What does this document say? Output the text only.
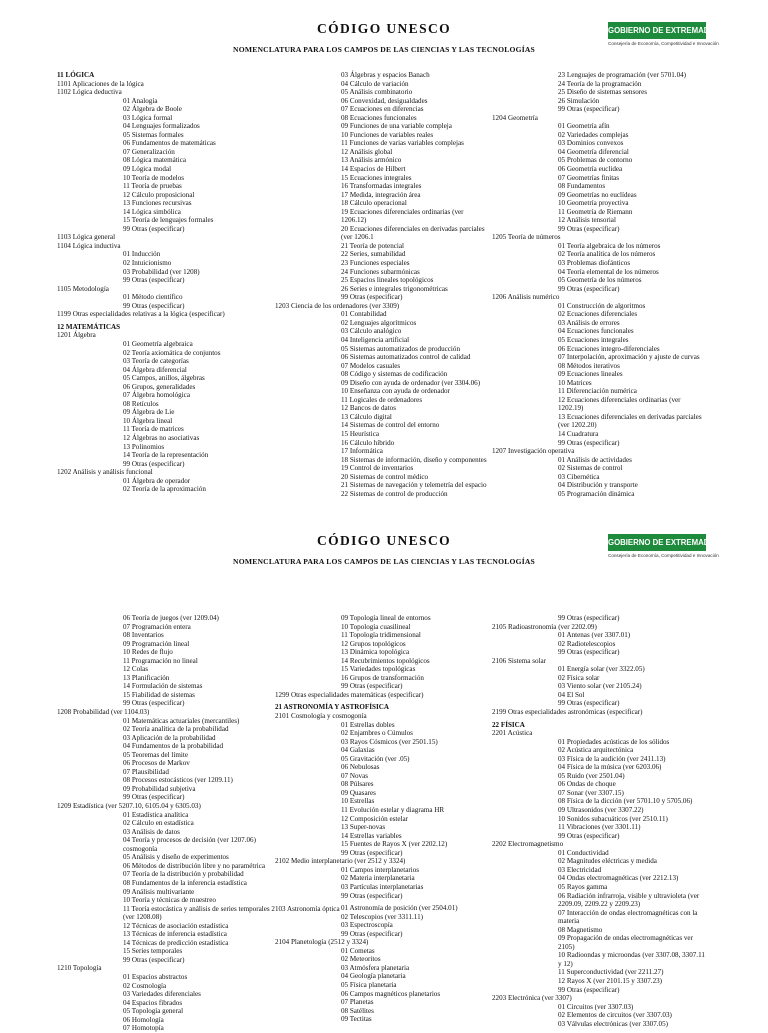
CÓDIGO UNESCO
NOMENCLATURA PARA LOS CAMPOS DE LAS CIENCIAS Y LAS TECNOLOGÍAS
GOBIERNO DE EXTREMADURA
Consejería de Economía, Competitividad e Innovación
11 LÓGICA
1101 Aplicaciones de la lógica
1102 Lógica deductiva
01 Analogía
02 Álgebra de Boole
03 Lógica formal
04 Lenguajes formalizados
05 Sistemas formales
06 Fundamentos de matemáticas
07 Generalización
08 Lógica matemática
09 Lógica modal
10 Teoría de modelos
11 Teoría de pruebas
12 Cálculo proposicional
13 Funciones recursivas
14 Lógica simbólica
15 Teoría de lenguajes formales
99 Otras (especificar)
1103 Lógica general
1104 Lógica inductiva
01 Inducción
02 Intuicionismo
03 Probabilidad (ver 1208)
99 Otras (especificar)
1105 Metodología
01 Método científico
99 Otras (especificar)
1199 Otras especialidades relativas a la lógica (especificar)
12 MATEMÁTICAS
1201 Álgebra
01 Geometría algebraica
02 Teoría axiomática de conjuntos
03 Teoría de categorías
04 Álgebra diferencial
05 Campos, anillos, álgebras
06 Grupos, generalidades
07 Álgebra homológica
08 Retículos
09 Álgebra de Lie
10 Álgebra lineal
11 Teoría de matrices
12 Álgebras no asociativas
13 Polinomios
14 Teoría de la representación
99 Otras (especificar)
1202 Análisis y análisis funcional
01 Álgebra de operador
02 Teoría de la aproximación
03 Álgebras y espacios Banach
04 Cálculo de variación
05 Análisis combinatorio
06 Convexidad, desigualdades
07 Ecuaciones en diferencias
08 Ecuaciones funcionales
09 Funciones de una variable compleja
10 Funciones de variables reales
11 Funciones de varias variables complejas
12 Análisis global
13 Análisis armónico
14 Espacios de Hilbert
15 Ecuaciones integrales
16 Transformadas integrales
17 Medida, integración área
18 Cálculo operacional
19 Ecuaciones diferenciales ordinarias (ver
1206.12)
20 Ecuaciones diferenciales en derivadas parciales
(ver 1206.1
21 Teoría de potencial
22 Series, sumabilidad
23 Funciones especiales
24 Funciones subarmónicas
25 Espacios lineales topológicos
26 Series e integrales trigonométricas
99 Otras (especificar)
1203 Ciencia de los ordenadores (ver 3309)
01 Contabilidad
02 Lenguajes algorítmicos
03 Cálculo analógico
04 Inteligencia artificial
05 Sistemas automatizados de producción
06 Sistemas automatizados control de calidad
07 Modelos casuales
08 Código y sistemas de codificación
09 Diseño con ayuda de ordenador (ver 3304.06)
10 Enseñanza con ayuda de ordenador
11 Logicales de ordenadores
12 Bancos de datos
13 Cálculo digital
14 Sistemas de control del entorno
15 Heurística
16 Cálculo híbrido
17 Informática
18 Sistemas de información, diseño y componentes
19 Control de inventarios
20 Sistemas de control médico
21 Sistemas de navegación y telemetría del espacio
22 Sistemas de control de producción
23 Lenguajes de programación (ver 5701.04)
24 Teoría de la programación
25 Diseño de sistemas sensores
26 Simulación
99 Otras (especificar)
1204 Geometría
01 Geometría afín
02 Variedades complejas
03 Dominios convexos
04 Geometría diferencial
05 Problemas de contorno
06 Geometría euclidea
07 Geometrías finitas
08 Fundamentos
09 Geometrías no euclídeas
10 Geometría proyectiva
11 Geometría de Riemann
12 Análisis tensorial
99 Otras (especificar)
1205 Teoría de números
01 Teoría algebraica de los números
02 Teoría analítica de los números
03 Problemas diofánticos
04 Teoría elemental de los números
05 Geometría de los números
99 Otras (especificar)
1206 Análisis numérico
01 Construcción de algoritmos
02 Ecuaciones diferenciales
03 Análisis de errores
04 Ecuaciones funcionales
05 Ecuaciones integrales
06 Ecuaciones integro-diferenciales
07 Interpolación, aproximación y ajuste de curvas
08 Métodos iterativos
09 Ecuaciones lineales
10 Matrices
11 Diferenciación numérica
12 Ecuaciones diferenciales ordinarias (ver
1202.19)
13 Ecuaciones diferenciales en derivadas parciales
(ver 1202.20)
14 Cuadratura
99 Otras (especificar)
1207 Investigación operativa
01 Análisis de actividades
02 Sistemas de control
03 Cibernética
04 Distribución y transporte
05 Programación dinámica
CÓDIGO UNESCO
NOMENCLATURA PARA LOS CAMPOS DE LAS CIENCIAS Y LAS TECNOLOGÍAS
GOBIERNO DE EXTREMADURA
Consejería de Economía, Competitividad e Innovación
06 Teoría de juegos (ver 1209.04)
07 Programación entera
08 Inventarios
09 Programación lineal
10 Redes de flujo
11 Programación no lineal
12 Colas
13 Planificación
14 Formulación de sistemas
15 Fiabilidad de sistemas
99 Otras (especificar)
1208 Probabilidad (ver 1104.03)
01 Matemáticas actuariales (mercantiles)
02 Teoría analítica de la probabilidad
03 Aplicación de la probabilidad
04 Fundamentos de la probabilidad
05 Teoremas del límite
06 Procesos de Markov
07 Plausibilidad
08 Procesos estocásticos (ver 1209.11)
09 Probabilidad subjetiva
99 Otras (especificar)
1209 Estadística (ver 5207.10, 6105.04 y 6305.03)
01 Estadística analítica
02 Cálculo en estadística
03 Análisis de datos
04 Teoría y procesos de decisión (ver 1207.06)
cosmogonía
05 Análisis y diseño de experimentos
06 Métodos de distribución libre y no paramétrica
07 Teoría de la distribución y probabilidad
08 Fundamentos de la inferencia estadística
09 Análisis multivariante
10 Teoría y técnicas de muestreo
11 Teoría estocástica y análisis de series temporales 2103 Astronomía óptica
(ver 1208.08)
12 Técnicas de asociación estadística
13 Técnicas de inferencia estadística
14 Técnicas de predicción estadística
15 Series temporales
99 Otras (especificar)
1210 Topología
01 Espacios abstractos
02 Cosmología
03 Variedades diferenciales
04 Espacios fibrados
05 Topología general
06 Homología
07 Homotopía
09 Topología lineal de entornos
10 Topología cuasilineal
11 Topología tridimensional
12 Grupos topológicos
13 Dinámica topológica
14 Recubrimientos topológicos
15 Variedades topológicas
16 Grupos de transformación
99 Otras (especificar)
1299 Otras especialidades matemáticas (especificar)
21 ASTRONOMÍA Y ASTROFÍSICA
2101 Cosmología y cosmogonía
01 Estrellas dobles
02 Enjambres o Cúmulos
03 Rayos Cósmicos (ver 2501.15)
04 Galaxias
05 Gravitación (ver .05)
06 Nebulosas
07 Novas
08 Púlsares
09 Quasares
10 Estrellas
11 Evolución estelar y diagrama HR
12 Composición estelar
13 Super-novas
14 Estrellas variables
15 Fuentes de Rayos X (ver 2202.12)
99 Otras (especificar)
2102 Medio interplanetario (ver 2512 y 3324)
01 Campos interplanetarios
02 Materia interplanetaria
03 Partículas interplanetarias
99 Otras (especificar)
01 Astronomía de posición (ver 2504.01)
02 Telescopios (ver 3311.11)
03 Espectroscopía
99 Otras (especificar)
2104 Planetología (2512 y 3324)
01 Cometas
02 Meteoritos
03 Atmósfera planetaria
04 Geología planetaria
05 Física planetaria
06 Campos magnéticos planetarios
07 Planetas
08 Satélites
09 Tectitas
99 Otras (especificar)
2105 Radioastronomía (ver 2202.09)
01 Antenas (ver 3307.01)
02 Radiotelescopios
99 Otras (especificar)
2106 Sistema solar
01 Energía solar (ver 3322.05)
02 Física solar
03 Viento solar (ver 2105.24)
04 El Sol
99 Otras (especificar)
2199 Otras especialidades astronómicas (especificar)
22 FÍSICA
2201 Acústica
01 Propiedades acústicas de los sólidos
02 Acústica arquitectónica
03 Física de la audición (ver 2411.13)
04 Física de la música (ver 6203.06)
05 Ruido (ver 2501.04)
06 Ondas de choque
07 Sonar (ver 3307.15)
08 Física de la dicción (ver 5701.10 y 5705.06)
09 Ultrasonidos (ver 3307.22)
10 Sonidos subacuáticos (ver 2510.11)
11 Vibraciones (ver 3301.11)
99 Otras (especificar)
2202 Electromagnetismo
01 Conductividad
02 Magnitudes eléctricas y medida
03 Electricidad
04 Ondas electromagnéticas (ver 2212.13)
05 Rayos gamma
06 Radiación infrarroja, visible y ultravioleta (ver
2209.09, 2209.22 y 2209.23)
07 Interacción de ondas electromagnéticas con la
materia
08 Magnetismo
09 Propagación de ondas electromagnéticas ver
2105)
10 Radioondas y microondas (ver 3307.08, 3307.11
y 12)
11 Superconductividad (ver 2211.27)
12 Rayos X (ver 2101.15 y 3307.23)
99 Otras (especificar)
2203 Electrónica (ver 3307)
01 Circuitos (ver 3307.03)
02 Elementos de circuitos (ver 3307.03)
03 Válvulas electrónicas (ver 3307.05)
